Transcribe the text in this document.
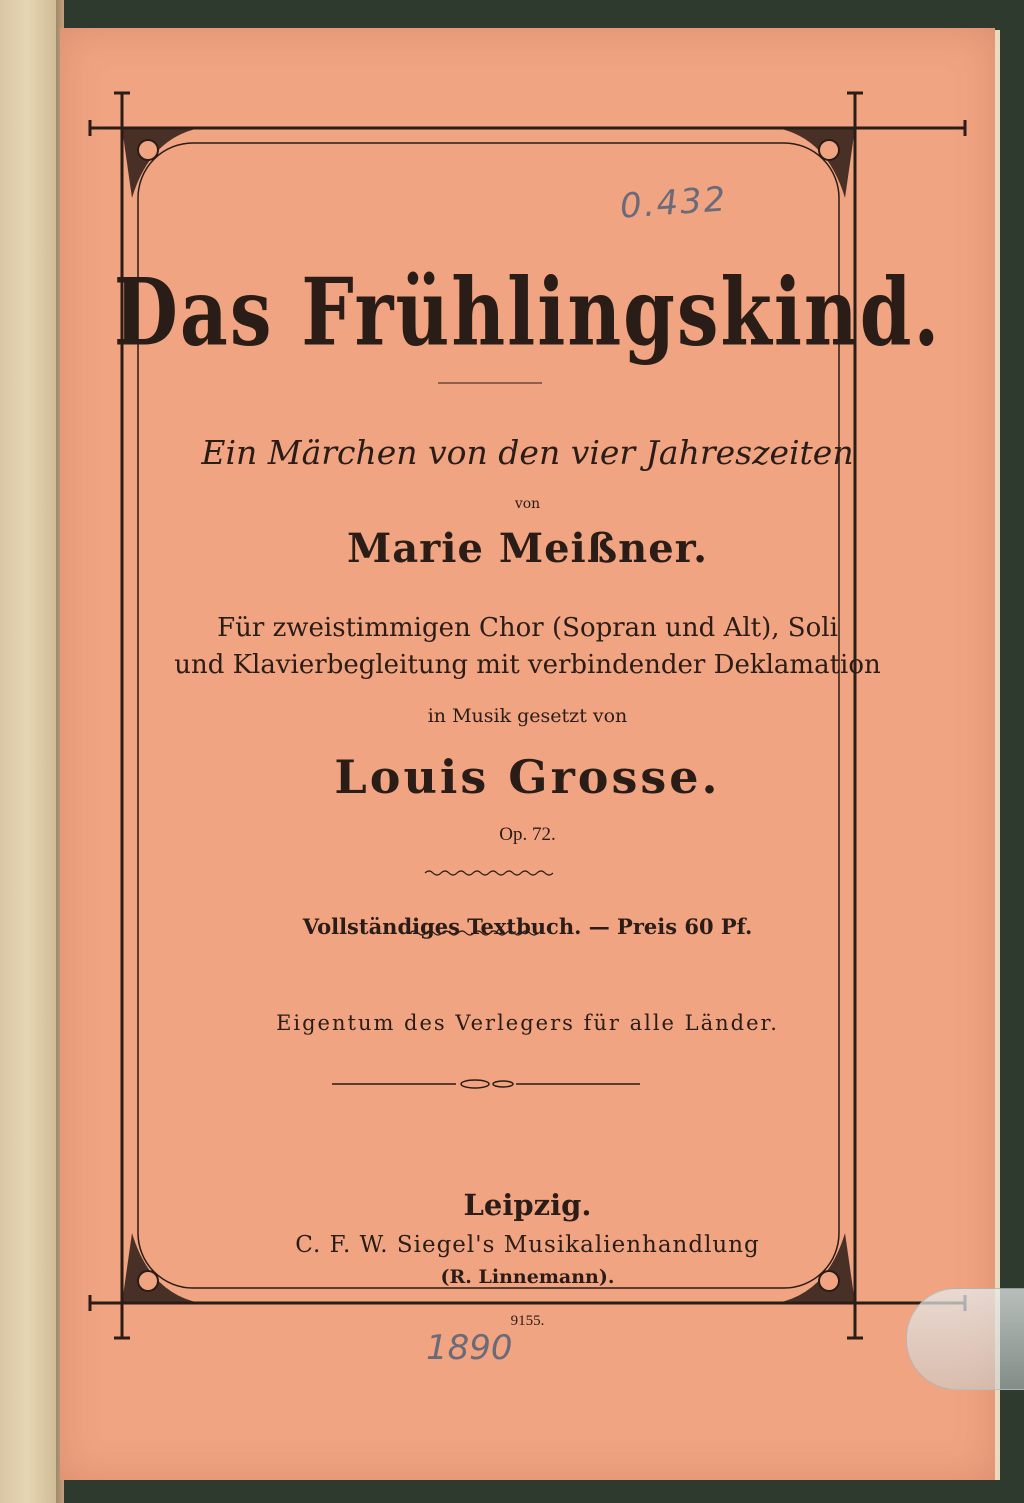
0.432
Das Frühlingskind.

Ein Märchen von den vier Jahreszeiten

von

Marie Meißner.

Für zweistimmigen Chor (Sopran und Alt), Soli

und Klavierbegleitung mit verbindender Deklamation

in Musik gesetzt von

Louis Grosse.

Op. 72.

Vollständiges Textbuch. — Preis 60 Pf.

Eigentum des Verlegers für alle Länder.

Leipzig.

C. F. W. Siegel's Musikalienhandlung

(R. Linnemann).

9155.

1890
